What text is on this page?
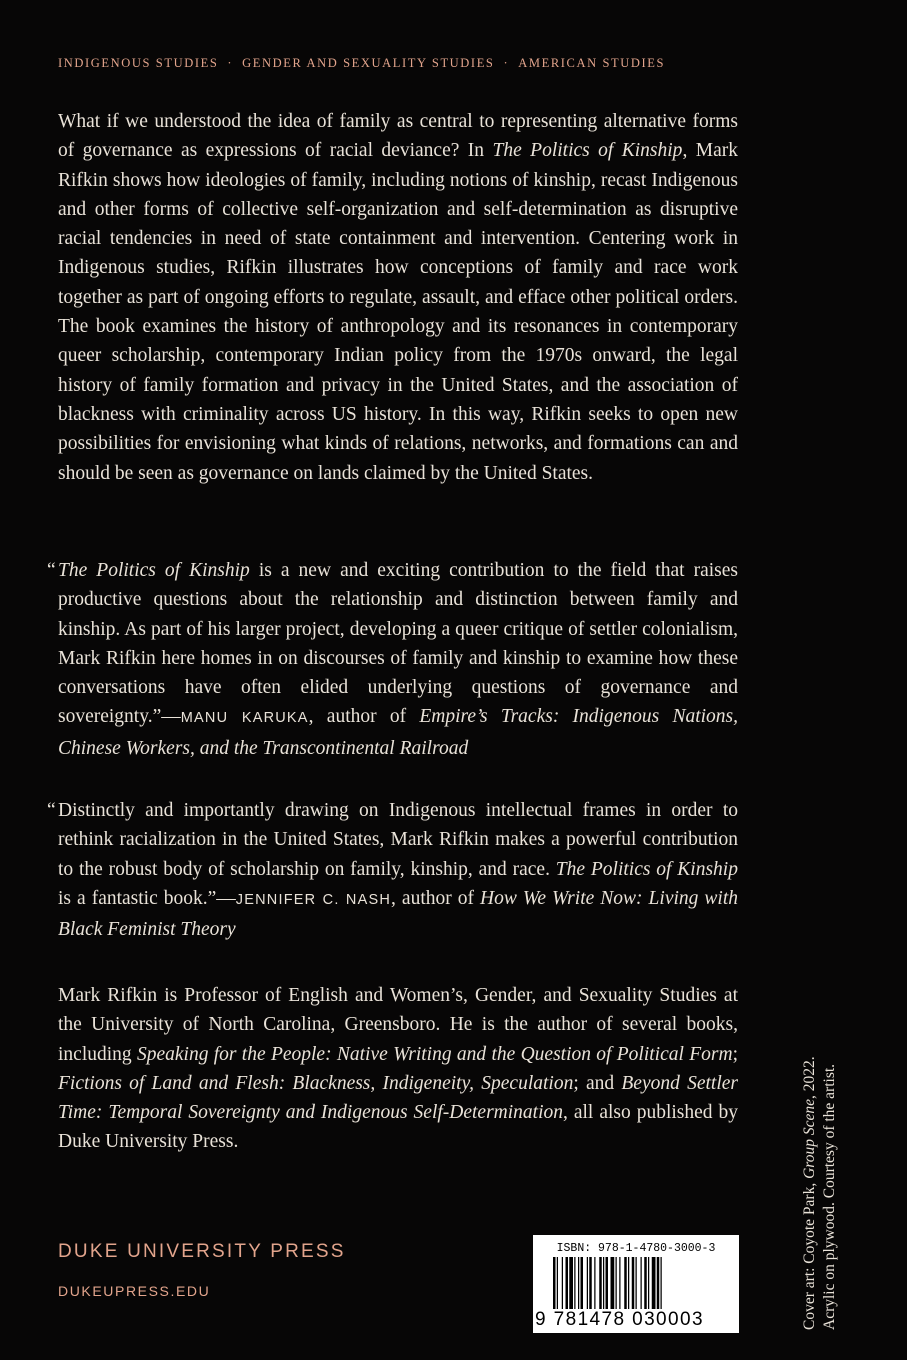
INDIGENOUS STUDIES · GENDER AND SEXUALITY STUDIES · AMERICAN STUDIES

What if we understood the idea of family as central to representing alternative forms of governance as expressions of racial deviance? In The Politics of Kinship, Mark Rifkin shows how ideologies of family, including notions of kinship, recast Indigenous and other forms of collective self-organization and self-determination as disruptive racial tendencies in need of state containment and intervention. Centering work in Indigenous studies, Rifkin illustrates how conceptions of family and race work together as part of ongoing efforts to regulate, assault, and efface other political orders. The book examines the history of anthropology and its resonances in contemporary queer scholarship, contemporary Indian policy from the 1970s onward, the legal history of family formation and privacy in the United States, and the association of blackness with criminality across US history. In this way, Rifkin seeks to open new possibilities for envisioning what kinds of relations, networks, and formations can and should be seen as governance on lands claimed by the United States.

“ The Politics of Kinship is a new and exciting contribution to the field that raises productive questions about the relationship and distinction between family and kinship. As part of his larger project, developing a queer critique of settler colonialism, Mark Rifkin here homes in on discourses of family and kinship to examine how these conversations have often elided underlying questions of governance and sovereignty.”—MANU KARUKA, author of Empire’s Tracks: Indigenous Nations, Chinese Workers, and the Transcontinental Railroad

“ Distinctly and importantly drawing on Indigenous intellectual frames in order to rethink racialization in the United States, Mark Rifkin makes a powerful contribution to the robust body of scholarship on family, kinship, and race. The Politics of Kinship is a fantastic book.”—JENNIFER C. NASH, author of How We Write Now: Living with Black Feminist Theory

Mark Rifkin is Professor of English and Women’s, Gender, and Sexuality Studies at the University of North Carolina, Greensboro. He is the author of several books, including Speaking for the People: Native Writing and the Question of Political Form; Fictions of Land and Flesh: Blackness, Indigeneity, Speculation; and Beyond Settler Time: Temporal Sovereignty and Indigenous Self-Determination, all also published by Duke University Press.

DUKE UNIVERSITY PRESS
DUKEUPRESS.EDU
ISBN: 978-1-4780-3000-3
9 781478 030003	Cover art: Coyote Park, Group Scene, 2022. Acrylic on plywood. Courtesy of the artist.
